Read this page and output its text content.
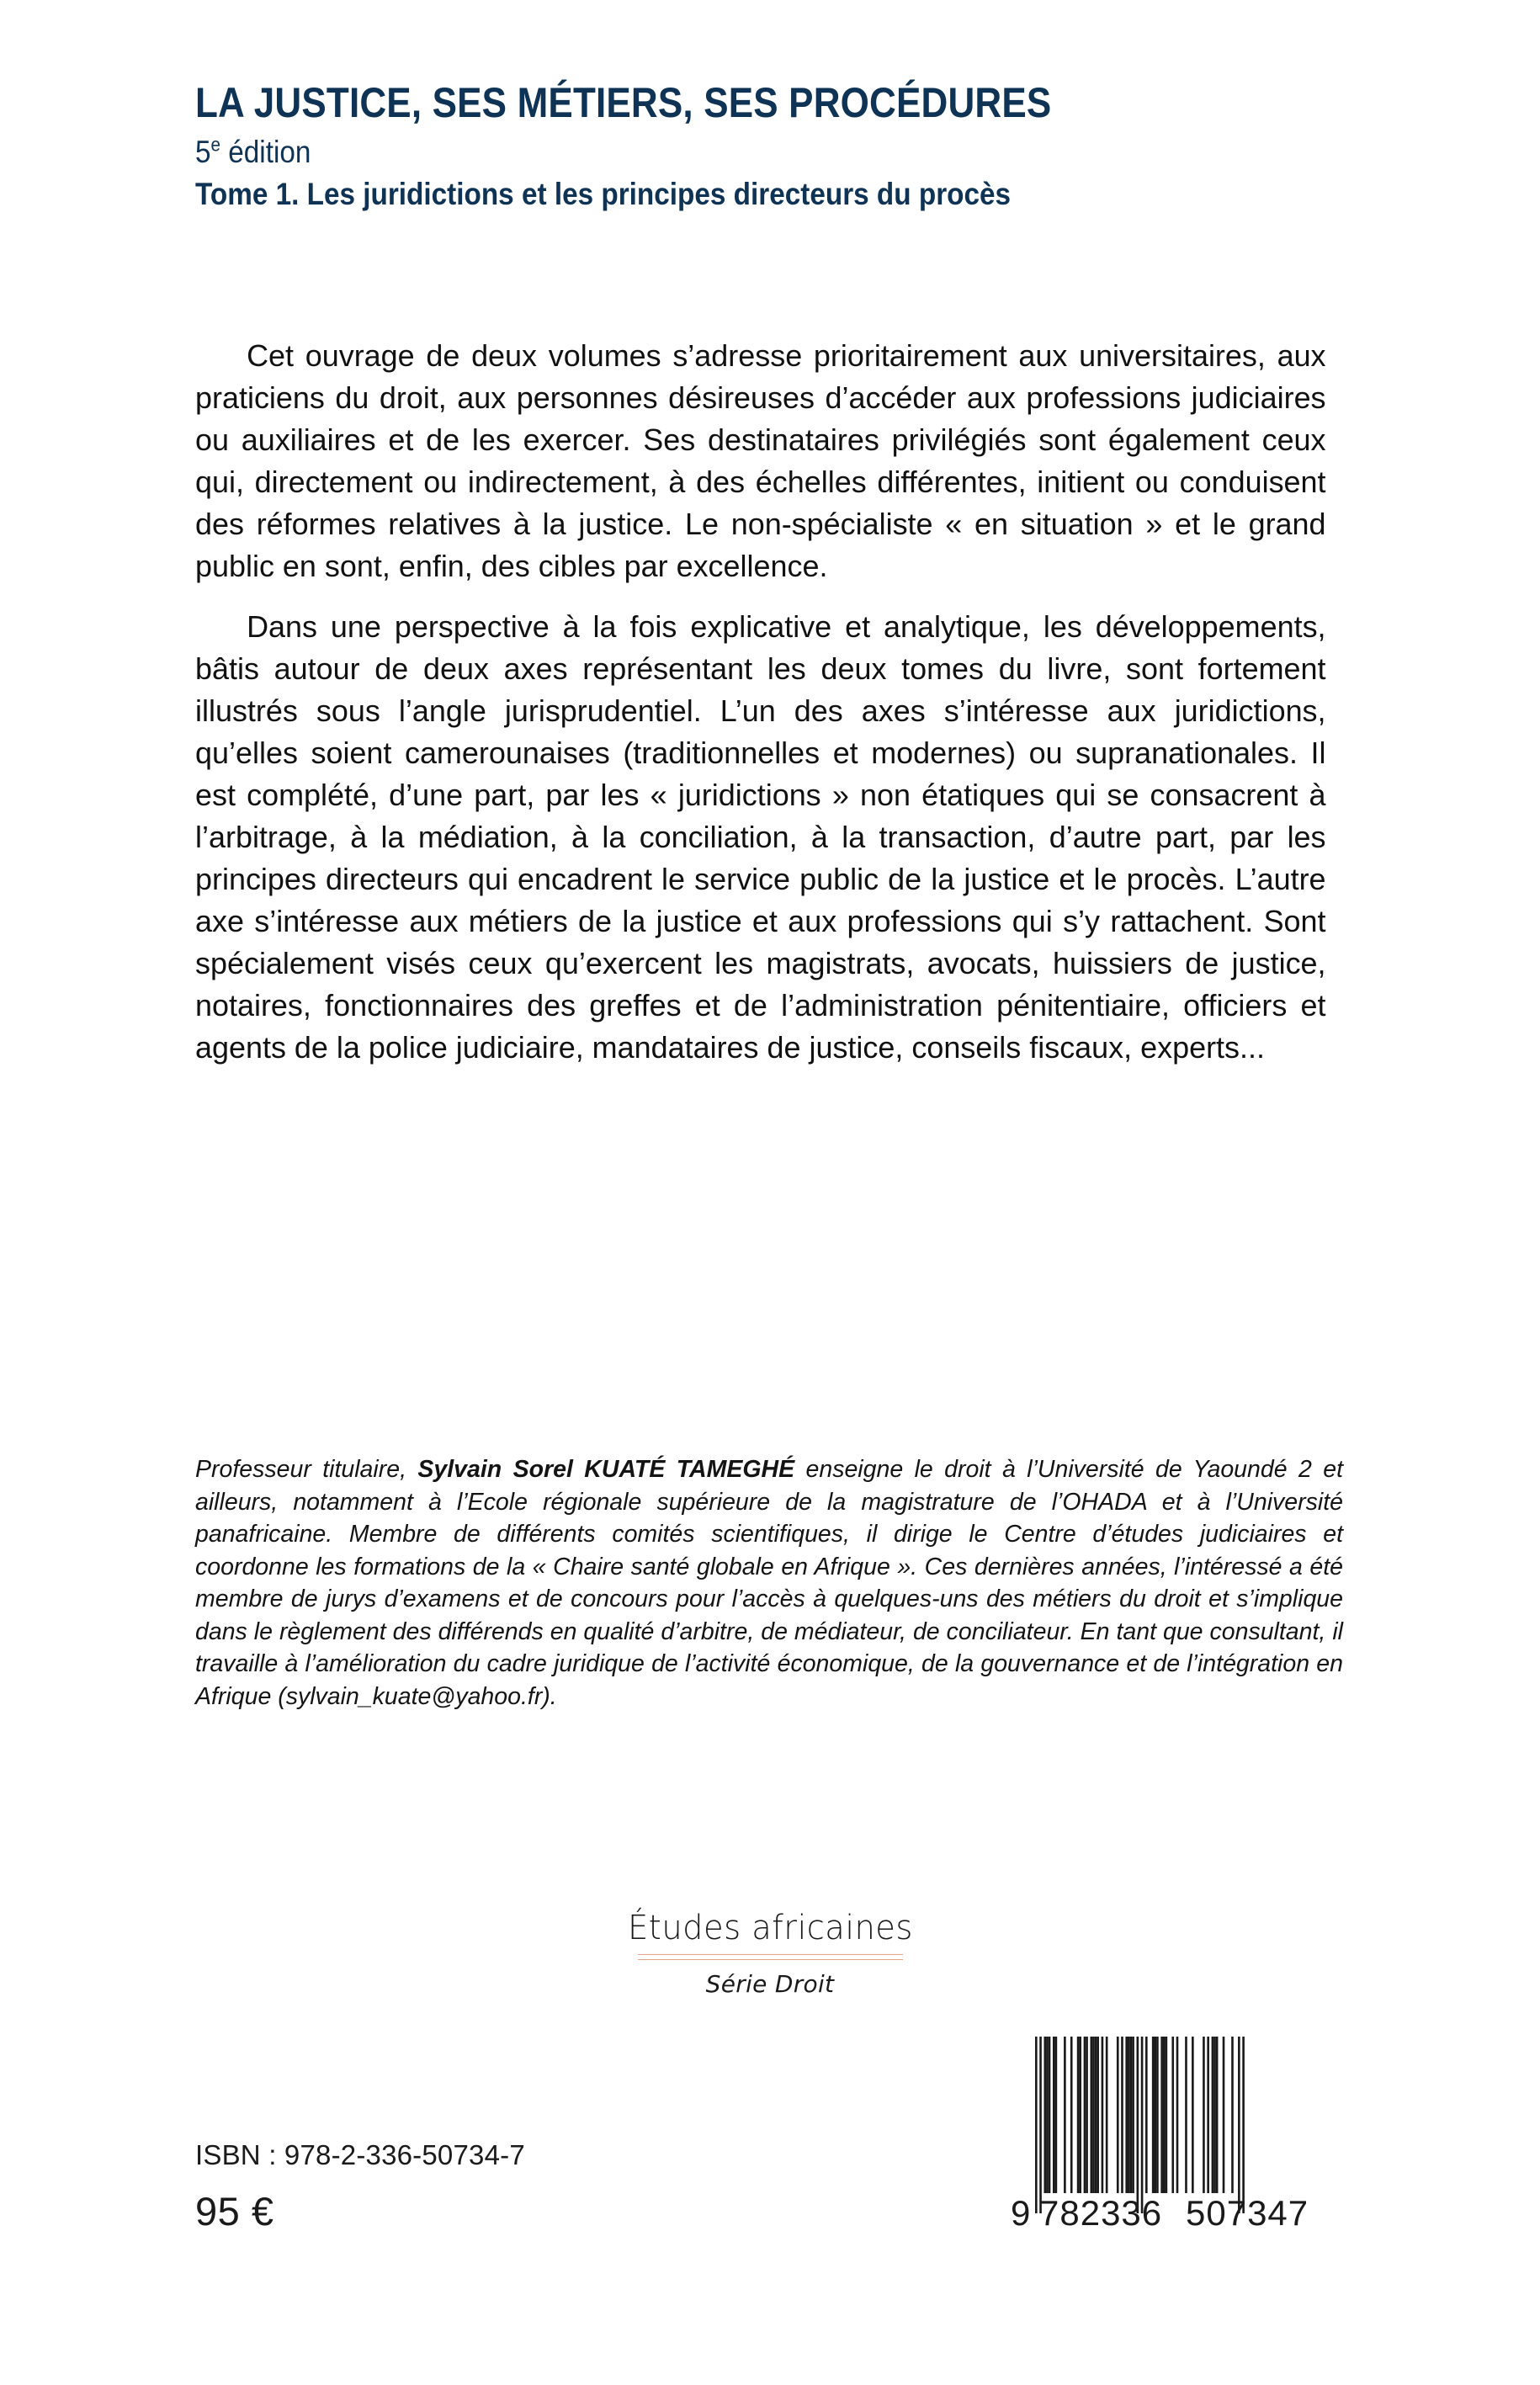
LA JUSTICE, SES MÉTIERS, SES PROCÉDURES
5e édition
Tome 1. Les juridictions et les principes directeurs du procès

Cet ouvrage de deux volumes s’adresse prioritairement aux universitaires, aux praticiens du droit, aux personnes désireuses d’accéder aux professions judiciaires ou auxiliaires et de les exercer. Ses destinataires privilégiés sont également ceux qui, directement ou indirectement, à des échelles différentes, initient ou conduisent des réformes relatives à la justice. Le non-spécialiste « en situation » et le grand public en sont, enfin, des cibles par excellence.

Dans une perspective à la fois explicative et analytique, les développements, bâtis autour de deux axes représentant les deux tomes du livre, sont fortement illustrés sous l’angle jurisprudentiel. L’un des axes s’intéresse aux juridictions, qu’elles soient camerounaises (traditionnelles et modernes) ou supranationales. Il est complété, d’une part, par les « juridictions » non étatiques qui se consacrent à l’arbitrage, à la médiation, à la conciliation, à la transaction, d’autre part, par les principes directeurs qui encadrent le service public de la justice et le procès. L’autre axe s’intéresse aux métiers de la justice et aux professions qui s’y rattachent. Sont spécialement visés ceux qu’exercent les magistrats, avocats, huissiers de justice, notaires, fonctionnaires des greffes et de l’administration pénitentiaire, officiers et agents de la police judiciaire, mandataires de justice, conseils fiscaux, experts...

Professeur titulaire, Sylvain Sorel KUATÉ TAMEGHÉ enseigne le droit à l’Université de Yaoundé 2 et ailleurs, notamment à l’Ecole régionale supérieure de la magistrature de l’OHADA et à l’Université panafricaine. Membre de différents comités scientifiques, il dirige le Centre d’études judiciaires et coordonne les formations de la « Chaire santé globale en Afrique ». Ces dernières années, l’intéressé a été membre de jurys d’examens et de concours pour l’accès à quelques-uns des métiers du droit et s’implique dans le règlement des différends en qualité d’arbitre, de médiateur, de conciliateur. En tant que consultant, il travaille à l’amélioration du cadre juridique de l’activité économique, de la gouvernance et de l’intégration en Afrique (sylvain_kuate@yahoo.fr).

Études africaines
Série Droit
ISBN : 978-2-336-50734-7
95 €	9 782336 507347
